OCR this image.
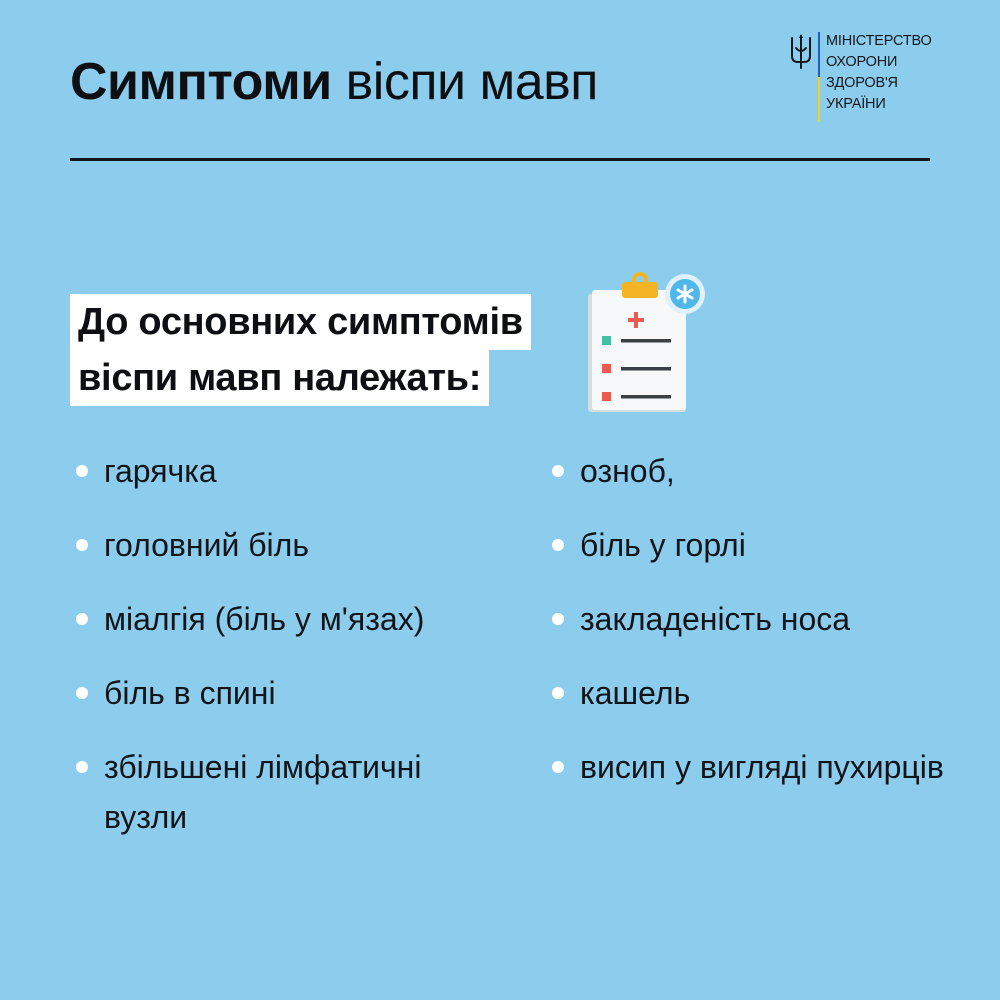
Симптоми віспи мавп
МІНІСТЕРСТВО
ОХОРОНИ
ЗДОРОВ'Я
УКРАЇНИ
До основних симптомів
віспи мавп належать:
гарячка
головний біль
міалгія (біль у м'язах)
біль в спині
збільшені лімфатичні вузли
озноб,
біль у горлі
закладеність носа
кашель
висип у вигляді пухирців
